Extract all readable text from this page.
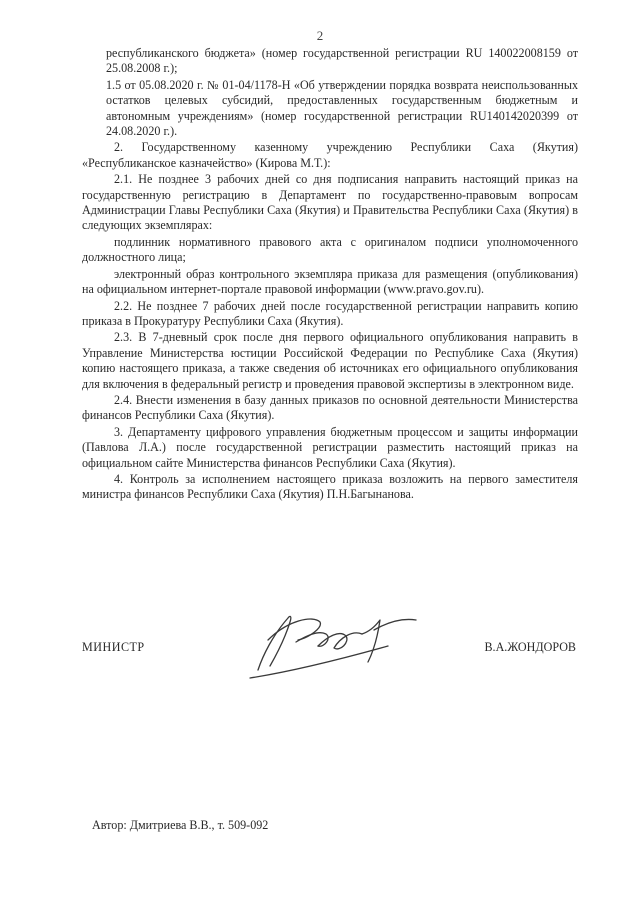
2

республиканского бюджета» (номер государственной регистрации RU 140022008159 от 25.08.2008 г.);

1.5 от 05.08.2020 г. № 01-04/1178-Н «Об утверждении порядка возврата неиспользованных остатков целевых субсидий, предоставленных государственным бюджетным и автономным учреждениям» (номер государственной регистрации RU140142020399 от 24.08.2020 г.).

2. Государственному казенному учреждению Республики Саха (Якутия) «Республиканское казначейство» (Кирова М.Т.):

2.1. Не позднее 3 рабочих дней со дня подписания направить настоящий приказ на государственную регистрацию в Департамент по государственно-правовым вопросам Администрации Главы Республики Саха (Якутия) и Правительства Республики Саха (Якутия) в следующих экземплярах:

подлинник нормативного правового акта с оригиналом подписи уполномоченного должностного лица;

электронный образ контрольного экземпляра приказа для размещения (опубликования) на официальном интернет-портале правовой информации (www.pravo.gov.ru).

2.2. Не позднее 7 рабочих дней после государственной регистрации направить копию приказа в Прокуратуру Республики Саха (Якутия).

2.3. В 7-дневный срок после дня первого официального опубликования направить в Управление Министерства юстиции Российской Федерации по Республике Саха (Якутия) копию настоящего приказа, а также сведения об источниках его официального опубликования для включения в федеральный регистр и проведения правовой экспертизы в электронном виде.

2.4. Внести изменения в базу данных приказов по основной деятельности Министерства финансов Республики Саха (Якутия).

3. Департаменту цифрового управления бюджетным процессом и защиты информации (Павлова Л.А.) после государственной регистрации разместить настоящий приказ на официальном сайте Министерства финансов Республики Саха (Якутия).

4. Контроль за исполнением настоящего приказа возложить на первого заместителя министра финансов Республики Саха (Якутия) П.Н.Багынанова.

МИНИСТР	В.А.ЖОНДОРОВ
Автор: Дмитриева В.В., т. 509-092
